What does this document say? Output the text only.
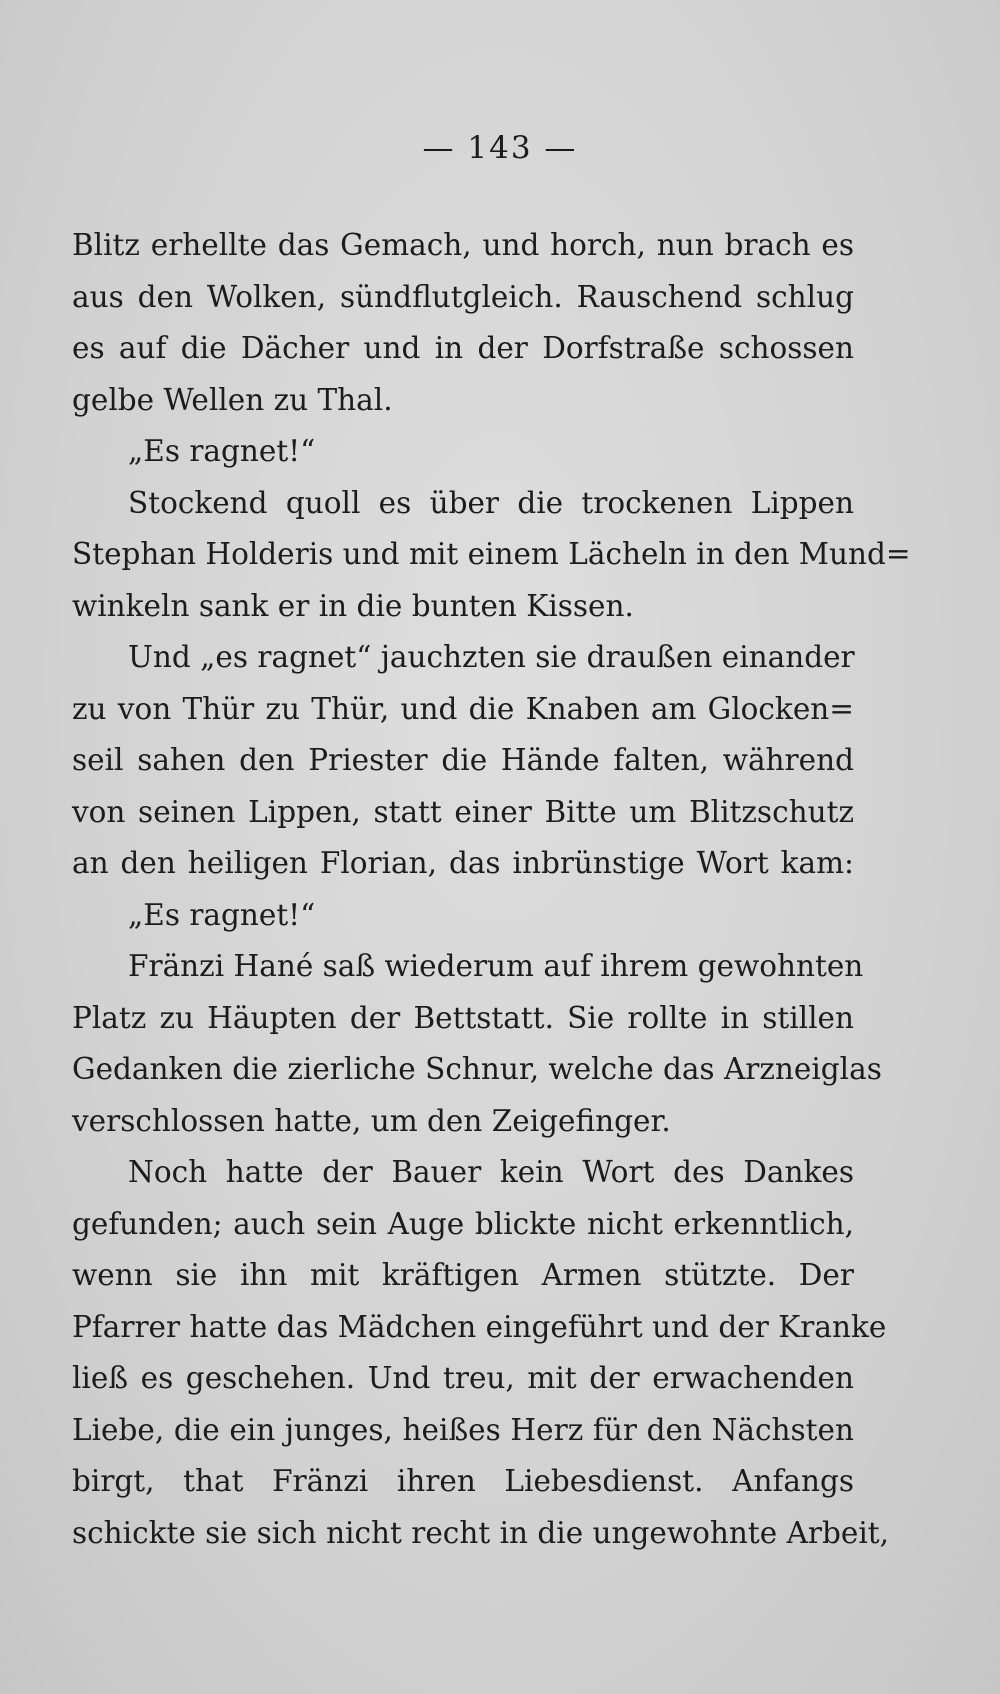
— 143 —
Blitz erhellte das Gemach, und horch, nun brach es
aus den Wolken, sündflutgleich. Rauschend schlug
es auf die Dächer und in der Dorfstraße schossen
gelbe Wellen zu Thal.
„Es ragnet!“
Stockend quoll es über die trockenen Lippen
Stephan Holderis und mit einem Lächeln in den Mund=
winkeln sank er in die bunten Kissen.
Und „es ragnet“ jauchzten sie draußen einander
zu von Thür zu Thür, und die Knaben am Glocken=
seil sahen den Priester die Hände falten, während
von seinen Lippen, statt einer Bitte um Blitzschutz
an den heiligen Florian, das inbrünstige Wort kam:
„Es ragnet!“
Fränzi Hané saß wiederum auf ihrem gewohnten
Platz zu Häupten der Bettstatt. Sie rollte in stillen
Gedanken die zierliche Schnur, welche das Arzneiglas
verschlossen hatte, um den Zeigefinger.
Noch hatte der Bauer kein Wort des Dankes
gefunden; auch sein Auge blickte nicht erkenntlich,
wenn sie ihn mit kräftigen Armen stützte. Der
Pfarrer hatte das Mädchen eingeführt und der Kranke
ließ es geschehen. Und treu, mit der erwachenden
Liebe, die ein junges, heißes Herz für den Nächsten
birgt, that Fränzi ihren Liebesdienst. Anfangs
schickte sie sich nicht recht in die ungewohnte Arbeit,
